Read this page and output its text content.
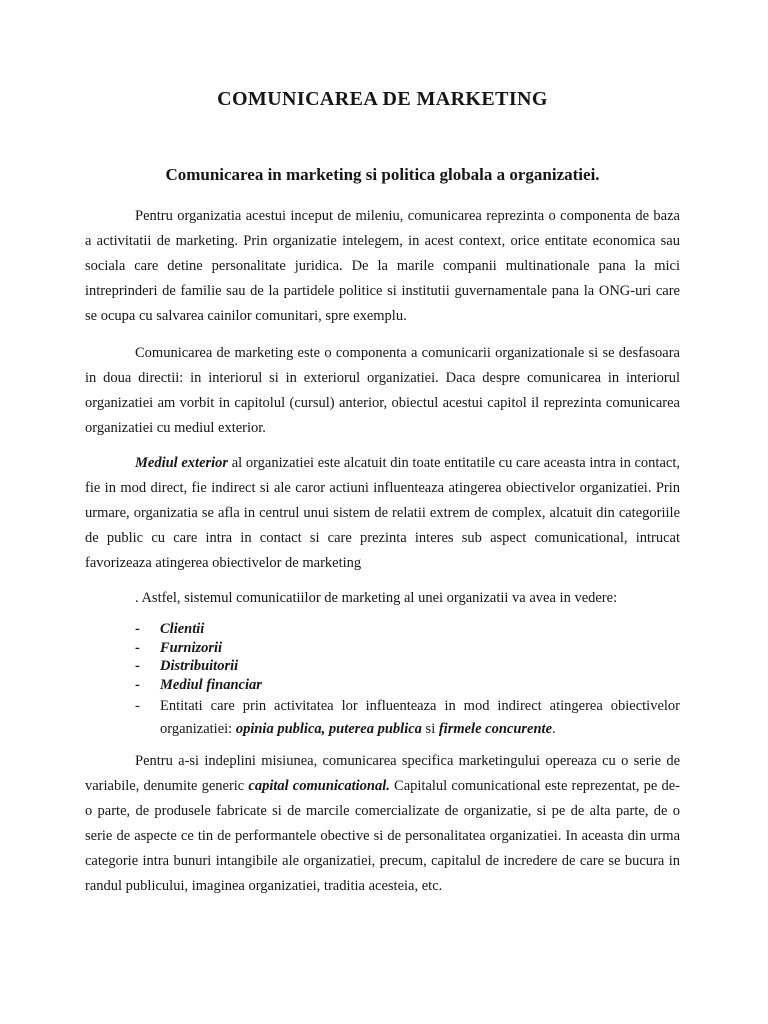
COMUNICAREA DE MARKETING
Comunicarea in marketing si politica globala a organizatiei.

Pentru organizatia acestui inceput de mileniu, comunicarea reprezinta o componenta de baza a activitatii de marketing. Prin organizatie intelegem, in acest context, orice entitate economica sau sociala care detine personalitate juridica. De la marile companii multinationale pana la mici intreprinderi de familie sau de la partidele politice si institutii guvernamentale pana la ONG-uri care se ocupa cu salvarea cainilor comunitari, spre exemplu.

Comunicarea de marketing este o componenta a comunicarii organizationale si se desfasoara in doua directii: in interiorul si in exteriorul organizatiei. Daca despre comunicarea in interiorul organizatiei am vorbit in capitolul (cursul) anterior, obiectul acestui capitol il reprezinta comunicarea organizatiei cu mediul exterior.

Mediul exterior al organizatiei este alcatuit din toate entitatile cu care aceasta intra in contact, fie in mod direct, fie indirect si ale caror actiuni influenteaza atingerea obiectivelor organizatiei. Prin urmare, organizatia se afla in centrul unui sistem de relatii extrem de complex, alcatuit din categoriile de public cu care intra in contact si care prezinta interes sub aspect comunicational, intrucat favorizeaza atingerea obiectivelor de marketing

. Astfel, sistemul comunicatiilor de marketing al unei organizatii va avea in vedere:

-	Clientii
-	Furnizorii
-	Distribuitorii
-	Mediul financiar
-	Entitati care prin activitatea lor influenteaza in mod indirect atingerea obiectivelor organizatiei: opinia publica, puterea publica si firmele concurente.

Pentru a-si indeplini misiunea, comunicarea specifica marketingului opereaza cu o serie de variabile, denumite generic capital comunicational. Capitalul comunicational este reprezentat, pe de-o parte, de produsele fabricate si de marcile comercializate de organizatie, si pe de alta parte, de o serie de aspecte ce tin de performantele obective si de personalitatea organizatiei. In aceasta din urma categorie intra bunuri intangibile ale organizatiei, precum, capitalul de incredere de care se bucura in randul publicului, imaginea organizatiei, traditia acesteia, etc.
